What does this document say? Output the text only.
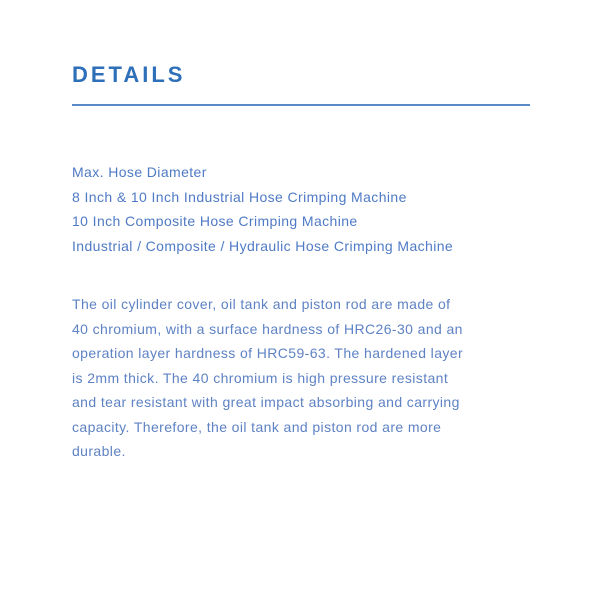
DETAILS
Max. Hose Diameter
8 Inch & 10 Inch Industrial Hose Crimping Machine
10 Inch Composite Hose Crimping Machine
Industrial / Composite / Hydraulic Hose Crimping Machine
The oil cylinder cover, oil tank and piston rod are made of
40 chromium, with a surface hardness of HRC26-30 and an
operation layer hardness of HRC59-63. The hardened layer
is 2mm thick. The 40 chromium is high pressure resistant
and tear resistant with great impact absorbing and carrying
capacity. Therefore, the oil tank and piston rod are more
durable.
